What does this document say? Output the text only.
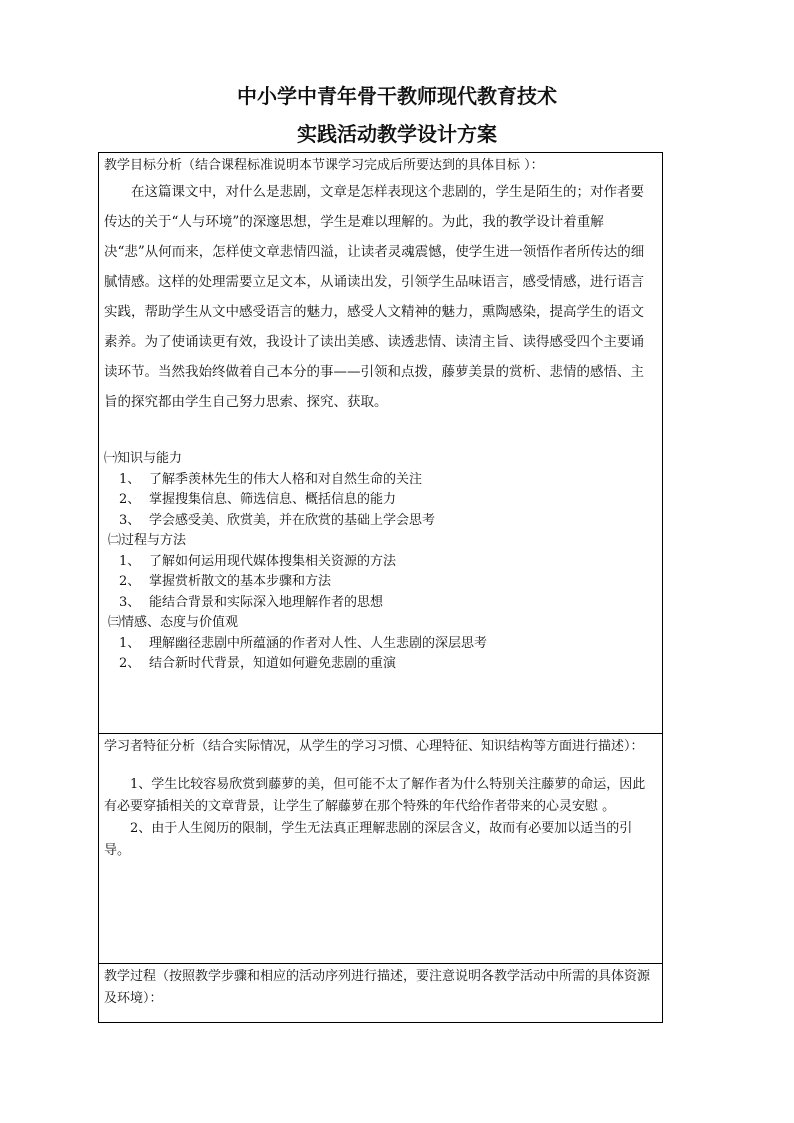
中小学中青年骨干教师现代教育技术
实践活动教学设计方案
教学目标分析（结合课程标准说明本节课学习完成后所要达到的具体目标 ）：

在这篇课文中，对什么是悲剧，文章是怎样表现这个悲剧的，学生是陌生的；对作者要传达的关于“人与环境”的深邃思想，学生是难以理解的。为此，我的教学设计着重解决“悲”从何而来，怎样使文章悲情四溢，让读者灵魂震憾，使学生进一领悟作者所传达的细腻情感。这样的处理需要立足文本，从诵读出发，引领学生品味语言，感受情感，进行语言实践，帮助学生从文中感受语言的魅力，感受人文精神的魅力，熏陶感染，提高学生的语文素养。为了使诵读更有效，我设计了读出美感、读透悲情、读清主旨、读得感受四个主要诵读环节。当然我始终做着自己本分的事——引领和点拨，藤萝美景的赏析、悲情的感悟、主旨的探究都由学生自己努力思索、探究、获取。

㈠知识与能力
1、 了解季羡林先生的伟大人格和对自然生命的关注
2、 掌握搜集信息、筛选信息、概括信息的能力
3、 学会感受美、欣赏美，并在欣赏的基础上学会思考
㈡过程与方法
1、 了解如何运用现代媒体搜集相关资源的方法
2、 掌握赏析散文的基本步骤和方法
3、 能结合背景和实际深入地理解作者的思想
㈢情感、态度与价值观
1、 理解幽径悲剧中所蕴涵的作者对人性、人生悲剧的深层思考
2、 结合新时代背景，知道如何避免悲剧的重演

学习者特征分析（结合实际情况，从学生的学习习惯、心理特征、知识结构等方面进行描述）：

1、学生比较容易欣赏到藤萝的美，但可能不太了解作者为什么特别关注藤萝的命运，因此有必要穿插相关的文章背景，让学生了解藤萝在那个特殊的年代给作者带来的心灵安慰 。

2、由于人生阅历的限制，学生无法真正理解悲剧的深层含义，故而有必要加以适当的引导。

教学过程（按照教学步骤和相应的活动序列进行描述，要注意说明各教学活动中所需的具体资源及环境）：
